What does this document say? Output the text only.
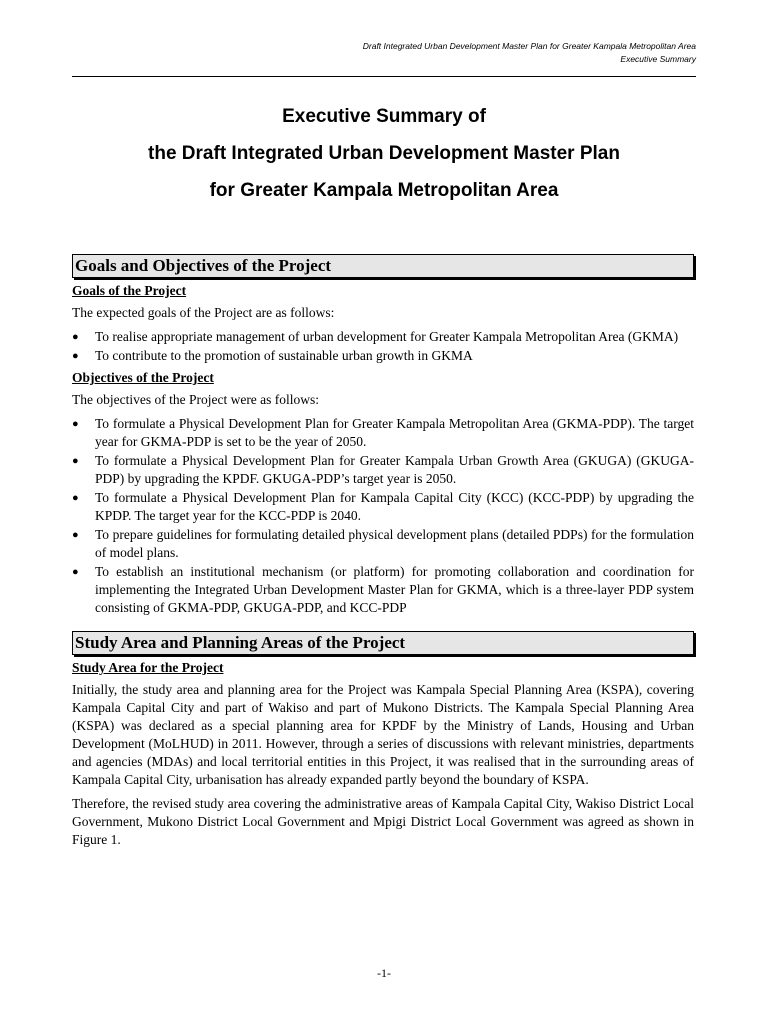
Draft Integrated Urban Development Master Plan for Greater Kampala Metropolitan Area
Executive Summary
Executive Summary of
the Draft Integrated Urban Development Master Plan
for Greater Kampala Metropolitan Area
Goals and Objectives of the Project
Goals of the Project
The expected goals of the Project are as follows:
● To realise appropriate management of urban development for Greater Kampala Metropolitan Area (GKMA)
● To contribute to the promotion of sustainable urban growth in GKMA
Objectives of the Project
The objectives of the Project were as follows:
● To formulate a Physical Development Plan for Greater Kampala Metropolitan Area (GKMA-PDP). The target year for GKMA-PDP is set to be the year of 2050.
● To formulate a Physical Development Plan for Greater Kampala Urban Growth Area (GKUGA) (GKUGA-PDP) by upgrading the KPDF. GKUGA-PDP’s target year is 2050.
● To formulate a Physical Development Plan for Kampala Capital City (KCC) (KCC-PDP) by upgrading the KPDP. The target year for the KCC-PDP is 2040.
● To prepare guidelines for formulating detailed physical development plans (detailed PDPs) for the formulation of model plans.
● To establish an institutional mechanism (or platform) for promoting collaboration and coordination for implementing the Integrated Urban Development Master Plan for GKMA, which is a three-layer PDP system consisting of GKMA-PDP, GKUGA-PDP, and KCC-PDP
Study Area and Planning Areas of the Project
Study Area for the Project
Initially, the study area and planning area for the Project was Kampala Special Planning Area (KSPA), covering Kampala Capital City and part of Wakiso and part of Mukono Districts. The Kampala Special Planning Area (KSPA) was declared as a special planning area for KPDF by the Ministry of Lands, Housing and Urban Development (MoLHUD) in 2011. However, through a series of discussions with relevant ministries, departments and agencies (MDAs) and local territorial entities in this Project, it was realised that in the surrounding areas of Kampala Capital City, urbanisation has already expanded partly beyond the boundary of KSPA.
Therefore, the revised study area covering the administrative areas of Kampala Capital City, Wakiso District Local Government, Mukono District Local Government and Mpigi District Local Government was agreed as shown in Figure 1.
-1-
